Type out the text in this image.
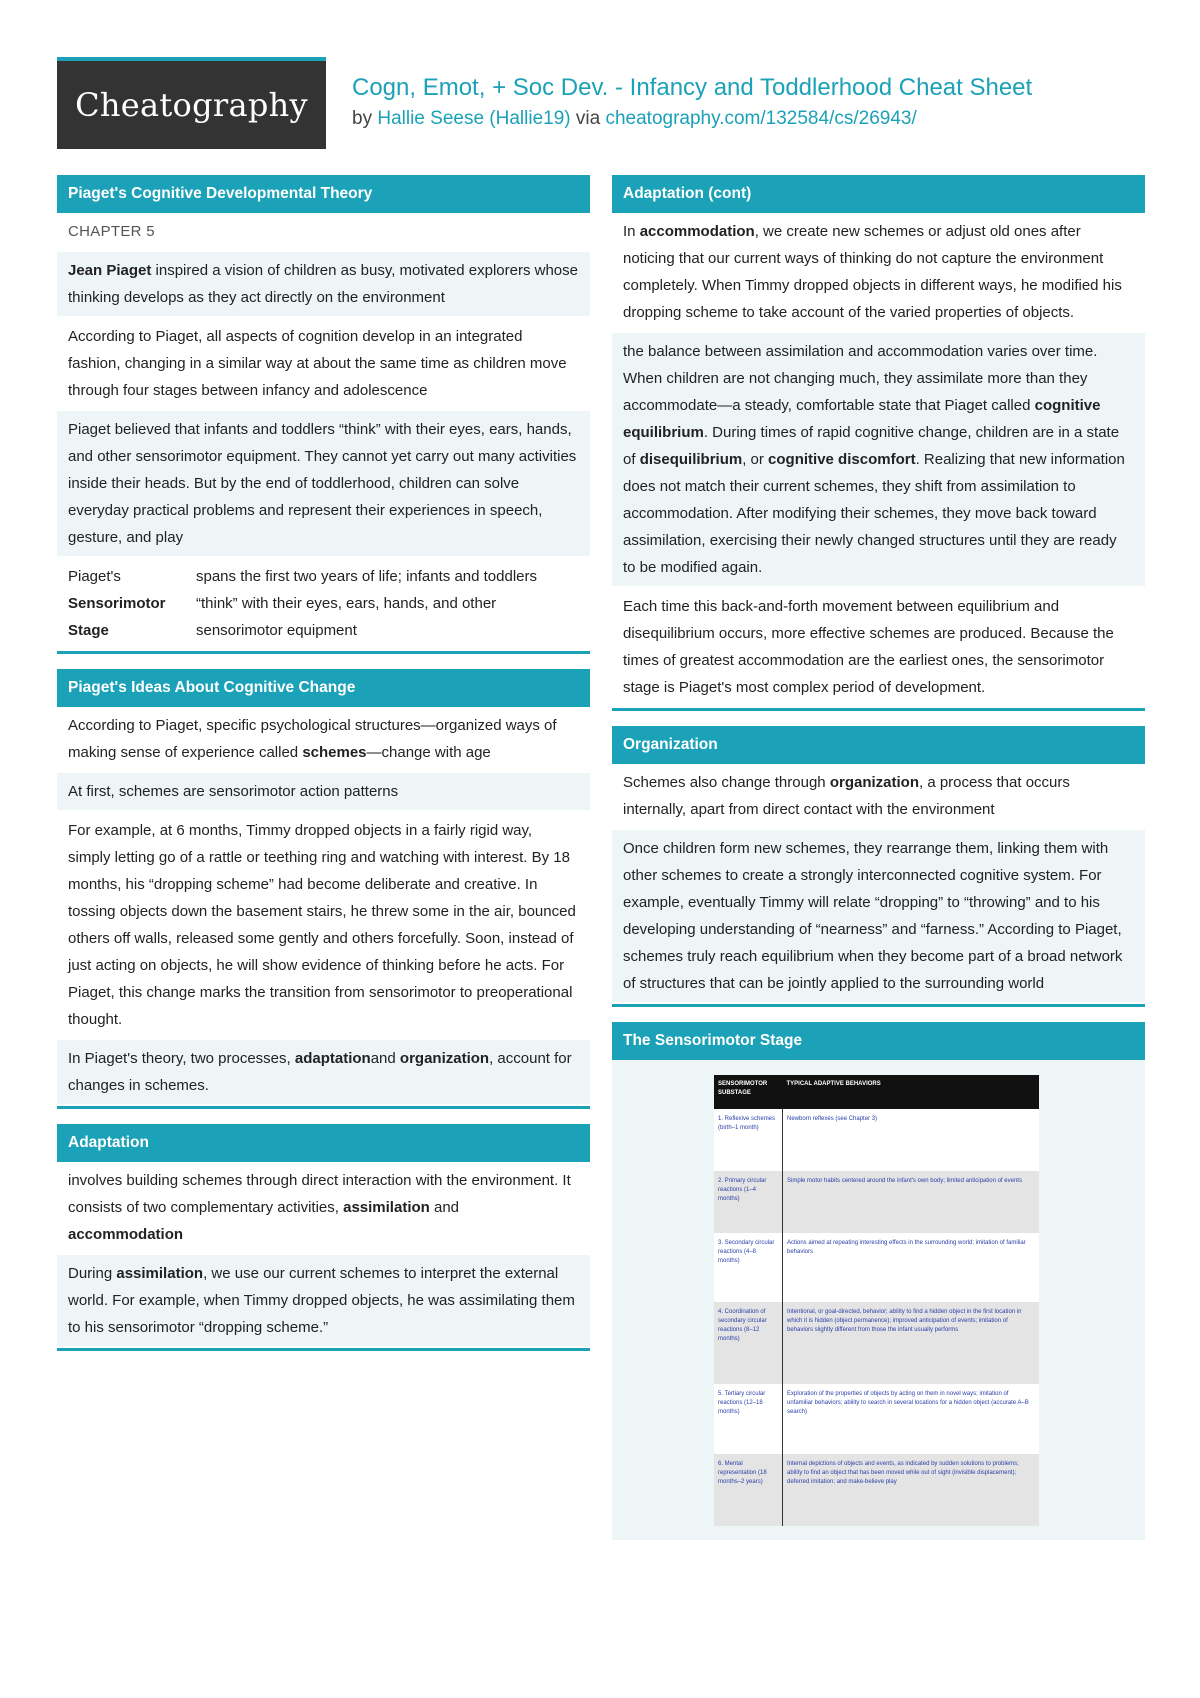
Cheatography	Cogn, Emot, + Soc Dev. - Infancy and Toddlerhood Cheat Sheet
by Hallie Seese (Hallie19) via cheatography.com/132584/cs/26943/
Piaget's Cognitive Developmental Theory
CHAPTER 5
Jean Piaget inspired a vision of children as busy, motivated explorers whose thinking develops as they act directly on the environment
According to Piaget, all aspects of cognition develop in an integrated fashion, changing in a similar way at about the same time as children move through four stages between infancy and adolescence
Piaget believed that infants and toddlers “think” with their eyes, ears, hands, and other sensorimotor equipment. They cannot yet carry out many activities inside their heads. But by the end of toddlerhood, children can solve everyday practical problems and represent their experiences in speech, gesture, and play
Piaget's
Sensorimotor Stage
spans the first two years of life; infants and toddlers “think” with their eyes, ears, hands, and other sensorimotor equipment
Piaget's Ideas About Cognitive Change
According to Piaget, specific psychological structures—organized ways of making sense of experience called schemes—change with age
At first, schemes are sensorimotor action patterns
For example, at 6 months, Timmy dropped objects in a fairly rigid way, simply letting go of a rattle or teething ring and watching with interest. By 18 months, his “dropping scheme” had become deliberate and creative. In tossing objects down the basement stairs, he threw some in the air, bounced others off walls, released some gently and others forcefully. Soon, instead of just acting on objects, he will show evidence of thinking before he acts. For Piaget, this change marks the transition from sensorimotor to preoperational thought.
In Piaget's theory, two processes, adaptationand organization, account for changes in schemes.
Adaptation
involves building schemes through direct interaction with the environment. It consists of two complementary activities, assimilation and accommodation
During assimilation, we use our current schemes to interpret the external world. For example, when Timmy dropped objects, he was assimilating them to his sensorimotor “dropping scheme.”
Adaptation (cont)
In accommodation, we create new schemes or adjust old ones after noticing that our current ways of thinking do not capture the environment completely. When Timmy dropped objects in different ways, he modified his dropping scheme to take account of the varied properties of objects.
the balance between assimilation and accommodation varies over time. When children are not changing much, they assimilate more than they accommodate—a steady, comfortable state that Piaget called cognitive equilibrium. During times of rapid cognitive change, children are in a state of disequilibrium, or cognitive discomfort. Realizing that new information does not match their current schemes, they shift from assimilation to accommodation. After modifying their schemes, they move back toward assimilation, exercising their newly changed structures until they are ready to be modified again.
Each time this back-and-forth movement between equilibrium and disequilibrium occurs, more effective schemes are produced. Because the times of greatest accommodation are the earliest ones, the sensorimotor stage is Piaget's most complex period of development.
Organization
Schemes also change through organization, a process that occurs internally, apart from direct contact with the environment
Once children form new schemes, they rearrange them, linking them with other schemes to create a strongly interconnected cognitive system. For example, eventually Timmy will relate “dropping” to “throwing” and to his developing understanding of “nearness” and “farness.” According to Piaget, schemes truly reach equilibrium when they become part of a broad network of structures that can be jointly applied to the surrounding world
The Sensorimotor Stage
SENSORIMOTOR SUBSTAGE	TYPICAL ADAPTIVE BEHAVIORS
1. Reflexive schemes (birth–1 month)	Newborn reflexes (see Chapter 3)
2. Primary circular reactions (1–4 months)	Simple motor habits centered around the infant's own body; limited anticipation of events
3. Secondary circular reactions (4–8 months)	Actions aimed at repeating interesting effects in the surrounding world; imitation of familiar behaviors
4. Coordination of secondary circular reactions (8–12 months)	Intentional, or goal-directed, behavior; ability to find a hidden object in the first location in which it is hidden (object permanence); improved anticipation of events; imitation of behaviors slightly different from those the infant usually performs
5. Tertiary circular reactions (12–18 months)	Exploration of the properties of objects by acting on them in novel ways; imitation of unfamiliar behaviors; ability to search in several locations for a hidden object (accurate A–B search)
6. Mental representation (18 months–2 years)	Internal depictions of objects and events, as indicated by sudden solutions to problems; ability to find an object that has been moved while out of sight (invisible displacement); deferred imitation; and make-believe play
